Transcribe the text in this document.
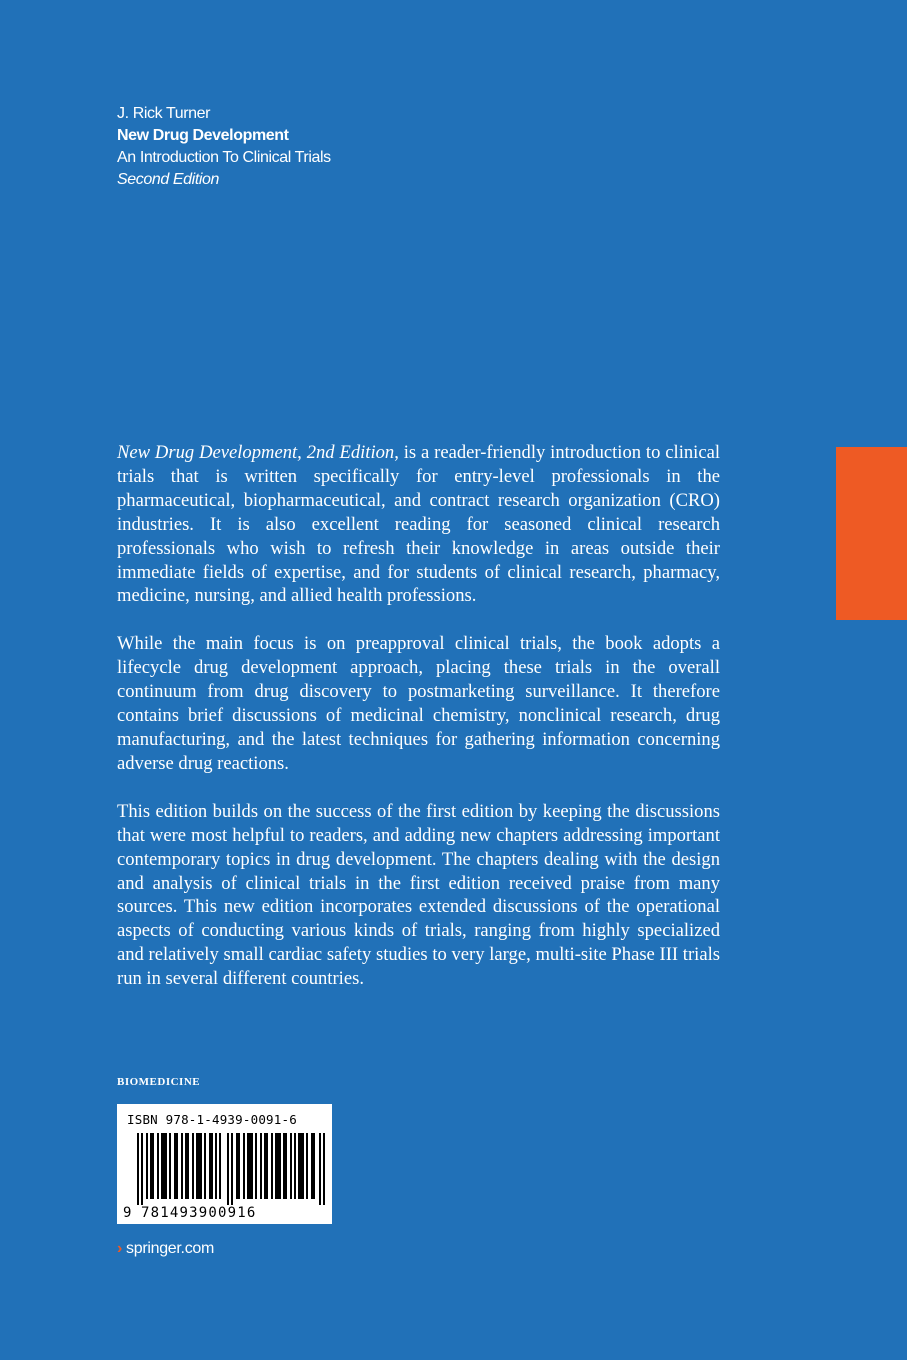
J. Rick Turner
New Drug Development
An Introduction To Clinical Trials
Second Edition

New Drug Development, 2nd Edition, is a reader-friendly introduction to clinical trials that is written specifically for entry-level professionals in the pharmaceutical, biopharmaceutical, and contract research organization (CRO) industries. It is also excellent reading for seasoned clinical research professionals who wish to refresh their knowledge in areas outside their immediate fields of expertise, and for students of clinical research, pharmacy, medicine, nursing, and allied health professions.

While the main focus is on preapproval clinical trials, the book adopts a lifecycle drug development approach, placing these trials in the overall continuum from drug discovery to postmarketing surveillance. It therefore contains brief discussions of medicinal chemistry, nonclinical research, drug manufacturing, and the latest techniques for gathering information concerning adverse drug reactions.

This edition builds on the success of the first edition by keeping the discussions that were most helpful to readers, and adding new chapters addressing important contemporary topics in drug development. The chapters dealing with the design and analysis of clinical trials in the first edition received praise from many sources. This new edition incorporates extended discussions of the operational aspects of conducting various kinds of trials, ranging from highly specialized and relatively small cardiac safety studies to very large, multi-site Phase III trials run in several different countries.

BIOMEDICINE
ISBN 978-1-4939-0091-6
9 781493900916
› springer.com
